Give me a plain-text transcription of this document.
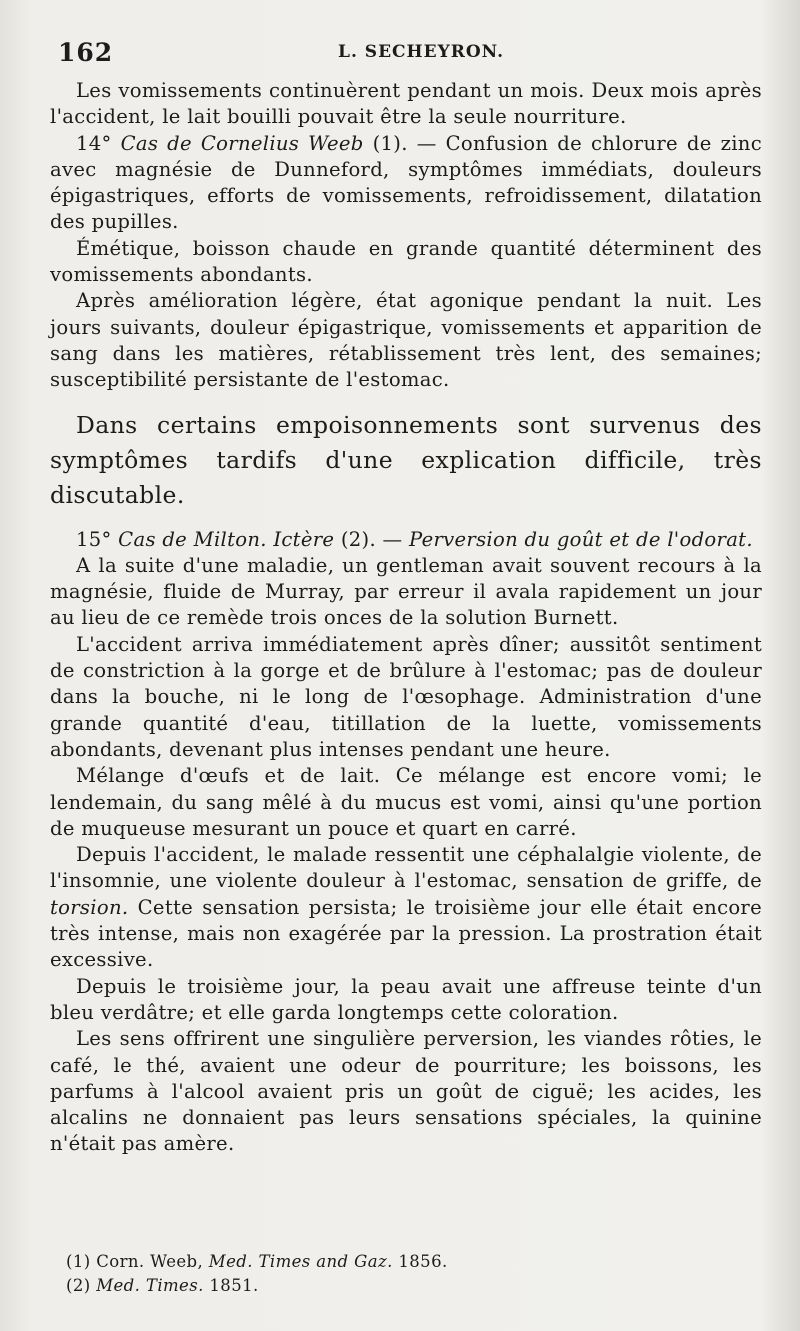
162	L. SECHEYRON.

Les vomissements continuèrent pendant un mois. Deux mois après l'accident, le lait bouilli pouvait être la seule nourriture.

14° Cas de Cornelius Weeb (1). — Confusion de chlorure de zinc avec magnésie de Dunneford, symptômes immédiats, douleurs épigastriques, efforts de vomissements, refroidissement, dilatation des pupilles.

Émétique, boisson chaude en grande quantité déterminent des vomissements abondants.

Après amélioration légère, état agonique pendant la nuit. Les jours suivants, douleur épigastrique, vomissements et apparition de sang dans les matières, rétablissement très lent, des semaines; susceptibilité persistante de l'estomac.

Dans certains empoisonnements sont survenus des symptômes tardifs d'une explication difficile, très discutable.

15° Cas de Milton. Ictère (2). — Perversion du goût et de l'odorat.

A la suite d'une maladie, un gentleman avait souvent recours à la magnésie, fluide de Murray, par erreur il avala rapidement un jour au lieu de ce remède trois onces de la solution Burnett.

L'accident arriva immédiatement après dîner; aussitôt sentiment de constriction à la gorge et de brûlure à l'estomac; pas de douleur dans la bouche, ni le long de l'œsophage. Administration d'une grande quantité d'eau, titillation de la luette, vomissements abondants, devenant plus intenses pendant une heure.

Mélange d'œufs et de lait. Ce mélange est encore vomi; le lendemain, du sang mêlé à du mucus est vomi, ainsi qu'une portion de muqueuse mesurant un pouce et quart en carré.

Depuis l'accident, le malade ressentit une céphalalgie violente, de l'insomnie, une violente douleur à l'estomac, sensation de griffe, de torsion. Cette sensation persista; le troisième jour elle était encore très intense, mais non exagérée par la pression. La prostration était excessive.

Depuis le troisième jour, la peau avait une affreuse teinte d'un bleu verdâtre; et elle garda longtemps cette coloration.

Les sens offrirent une singulière perversion, les viandes rôties, le café, le thé, avaient une odeur de pourriture; les boissons, les parfums à l'alcool avaient pris un goût de ciguë; les acides, les alcalins ne donnaient pas leurs sensations spéciales, la quinine n'était pas amère.

(1) Corn. Weeb, Med. Times and Gaz. 1856.

(2) Med. Times. 1851.
